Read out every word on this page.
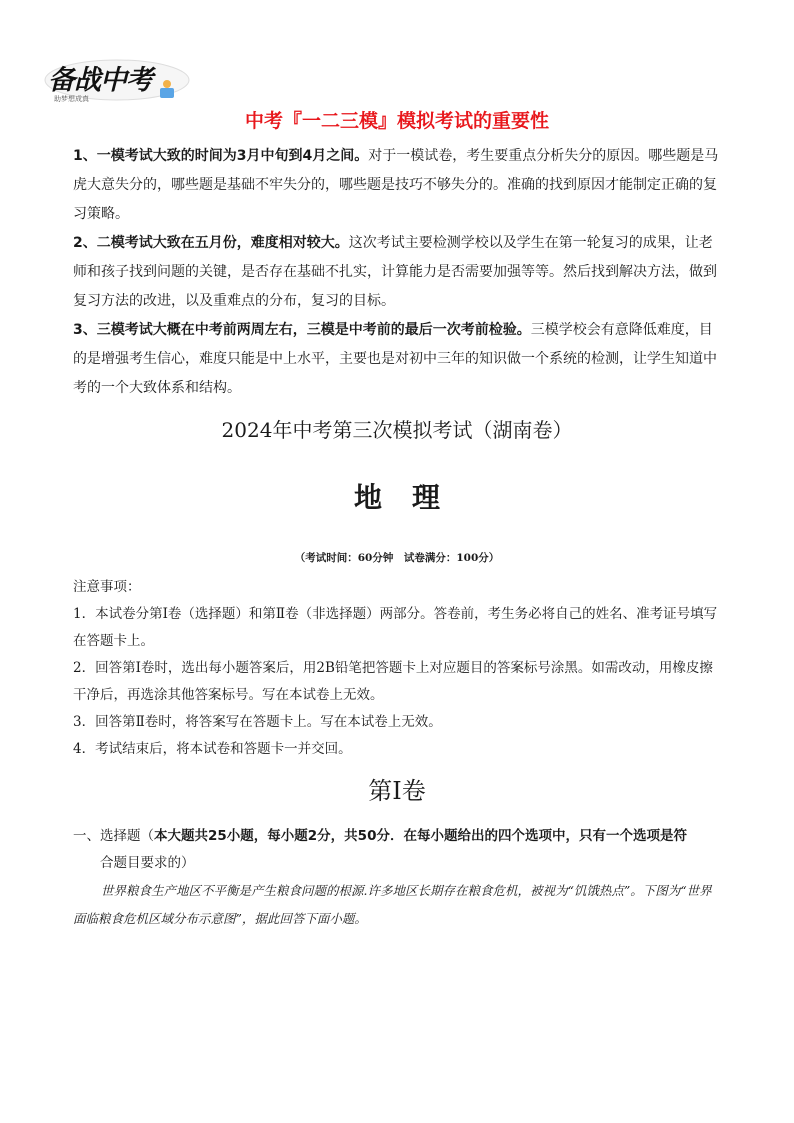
备战中考
助梦想成真
中考『一二三模』模拟考试的重要性

1、一模考试大致的时间为3月中旬到4月之间。对于一模试卷，考生要重点分析失分的原因。哪些题是马虎大意失分的，哪些题是基础不牢失分的，哪些题是技巧不够失分的。准确的找到原因才能制定正确的复习策略。

2、二模考试大致在五月份，难度相对较大。这次考试主要检测学校以及学生在第一轮复习的成果，让老师和孩子找到问题的关键，是否存在基础不扎实，计算能力是否需要加强等等。然后找到解决方法，做到复习方法的改进，以及重难点的分布，复习的目标。

3、三模考试大概在中考前两周左右，三模是中考前的最后一次考前检验。三模学校会有意降低难度，目的是增强考生信心，难度只能是中上水平，主要也是对初中三年的知识做一个系统的检测，让学生知道中考的一个大致体系和结构。

2024年中考第三次模拟考试（湖南卷）
地理
（考试时间：60分钟　试卷满分：100分）

注意事项：

1．本试卷分第Ⅰ卷（选择题）和第Ⅱ卷（非选择题）两部分。答卷前，考生务必将自己的姓名、准考证号填写在答题卡上。

2．回答第Ⅰ卷时，选出每小题答案后，用2B铅笔把答题卡上对应题目的答案标号涂黑。如需改动，用橡皮擦干净后，再选涂其他答案标号。写在本试卷上无效。

3．回答第Ⅱ卷时，将答案写在答题卡上。写在本试卷上无效。

4．考试结束后，将本试卷和答题卡一并交回。

第Ⅰ卷

一、选择题（本大题共25小题，每小题2分，共50分．在每小题给出的四个选项中，只有一个选项是符

合题目要求的）

世界粮食生产地区不平衡是产生粮食问题的根源.许多地区长期存在粮食危机，被视为“饥饿热点”。下图为“世界面临粮食危机区域分布示意图”，据此回答下面小题。
